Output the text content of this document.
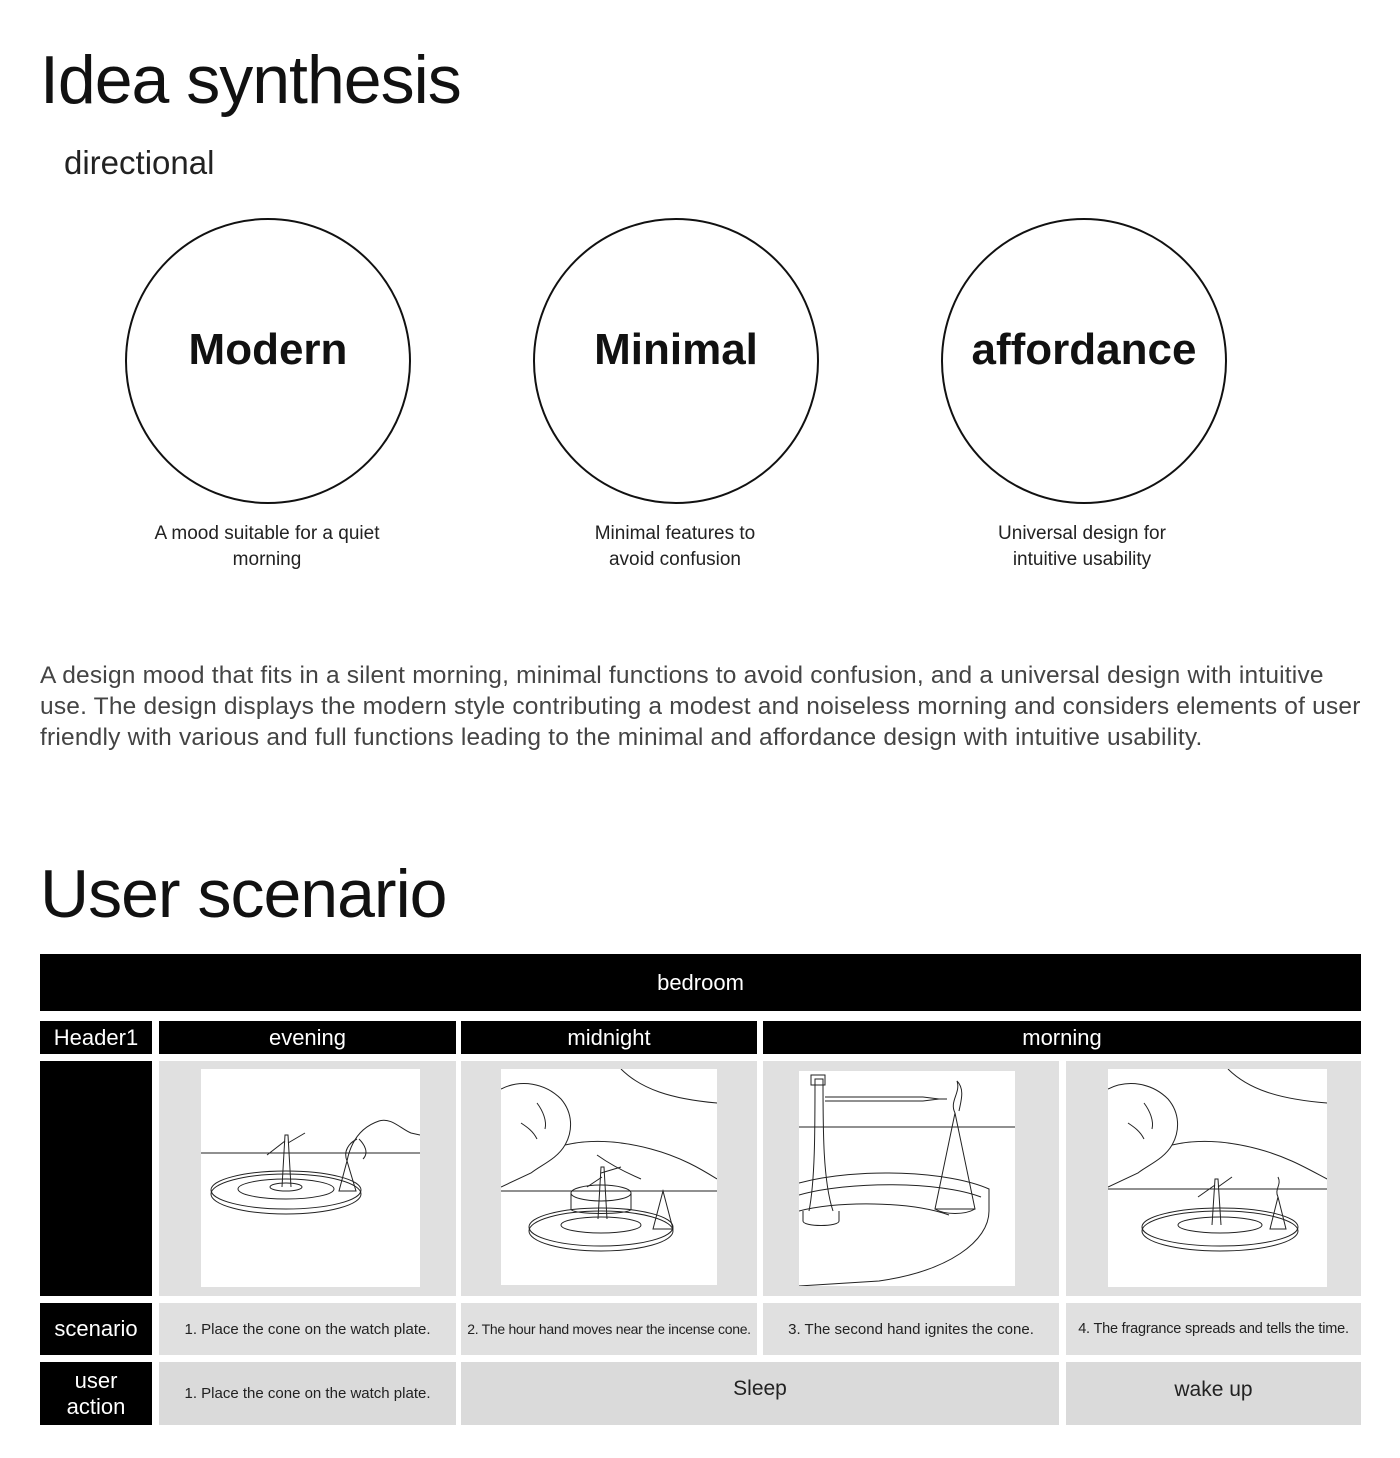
Idea synthesis
directional
Modern
A mood suitable for a quiet
morning
Minimal
Minimal features to
avoid confusion
affordance
Universal design for
intuitive usability

A design mood that fits in a silent morning, minimal functions to avoid confusion, and a universal design with intuitive use. The design displays the modern style contributing a modest and noiseless morning and considers elements of user friendly with various and full functions leading to the minimal and affordance design with intuitive usability.

User scenario
bedroom
Header1	evening	midnight	morning
scenario	1. Place the cone on the watch plate.	2. The hour hand moves near the incense cone.	3. The second hand ignites the cone.	4. The fragrance spreads and tells the time.
user
action	1. Place the cone on the watch plate.	Sleep	wake up
